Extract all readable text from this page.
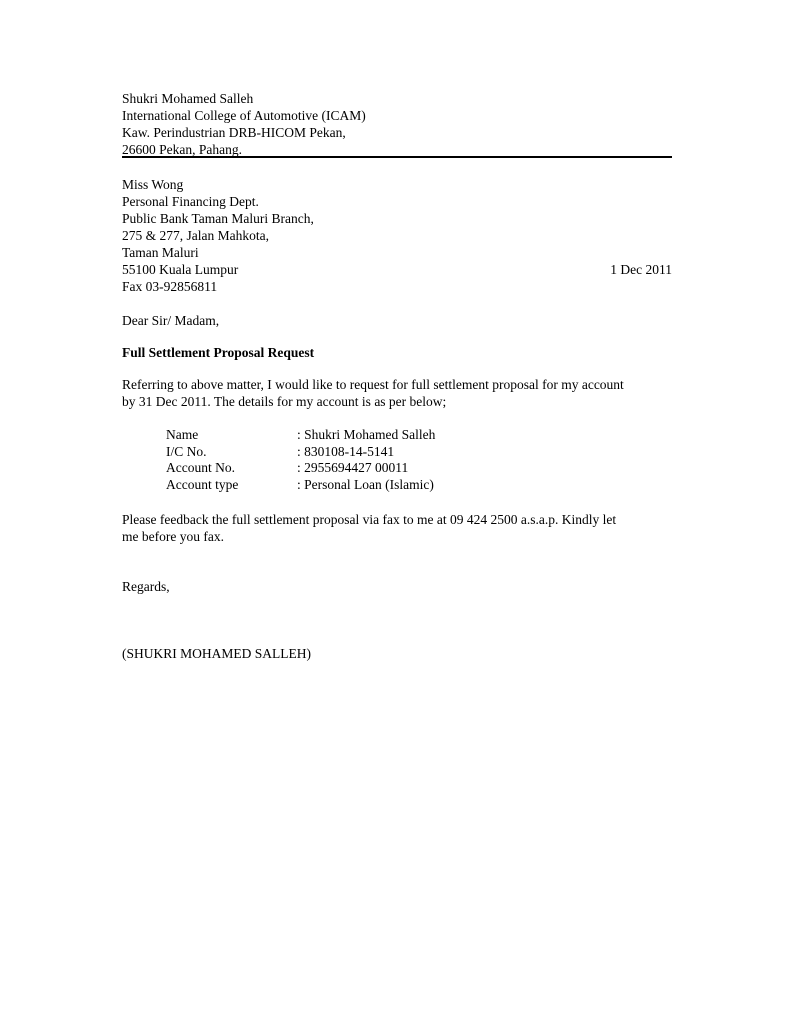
Shukri Mohamed Salleh
International College of Automotive (ICAM)
Kaw. Perindustrian DRB-HICOM Pekan,
26600 Pekan, Pahang.
Miss Wong
Personal Financing Dept.
Public Bank Taman Maluri Branch,
275 & 277, Jalan Mahkota,
Taman Maluri
55100 Kuala Lumpur	1 Dec 2011
Fax 03-92856811
Dear Sir/ Madam,
Full Settlement Proposal Request
Referring to above matter, I would like to request for full settlement proposal for my account
by 31 Dec 2011. The details for my account is as per below;
Name	: Shukri Mohamed Salleh
I/C No.	: 830108-14-5141
Account No.	: 2955694427 00011
Account type	: Personal Loan (Islamic)
Please feedback the full settlement proposal via fax to me at 09 424 2500 a.s.a.p. Kindly let
me before you fax.
Regards,
(SHUKRI MOHAMED SALLEH)
